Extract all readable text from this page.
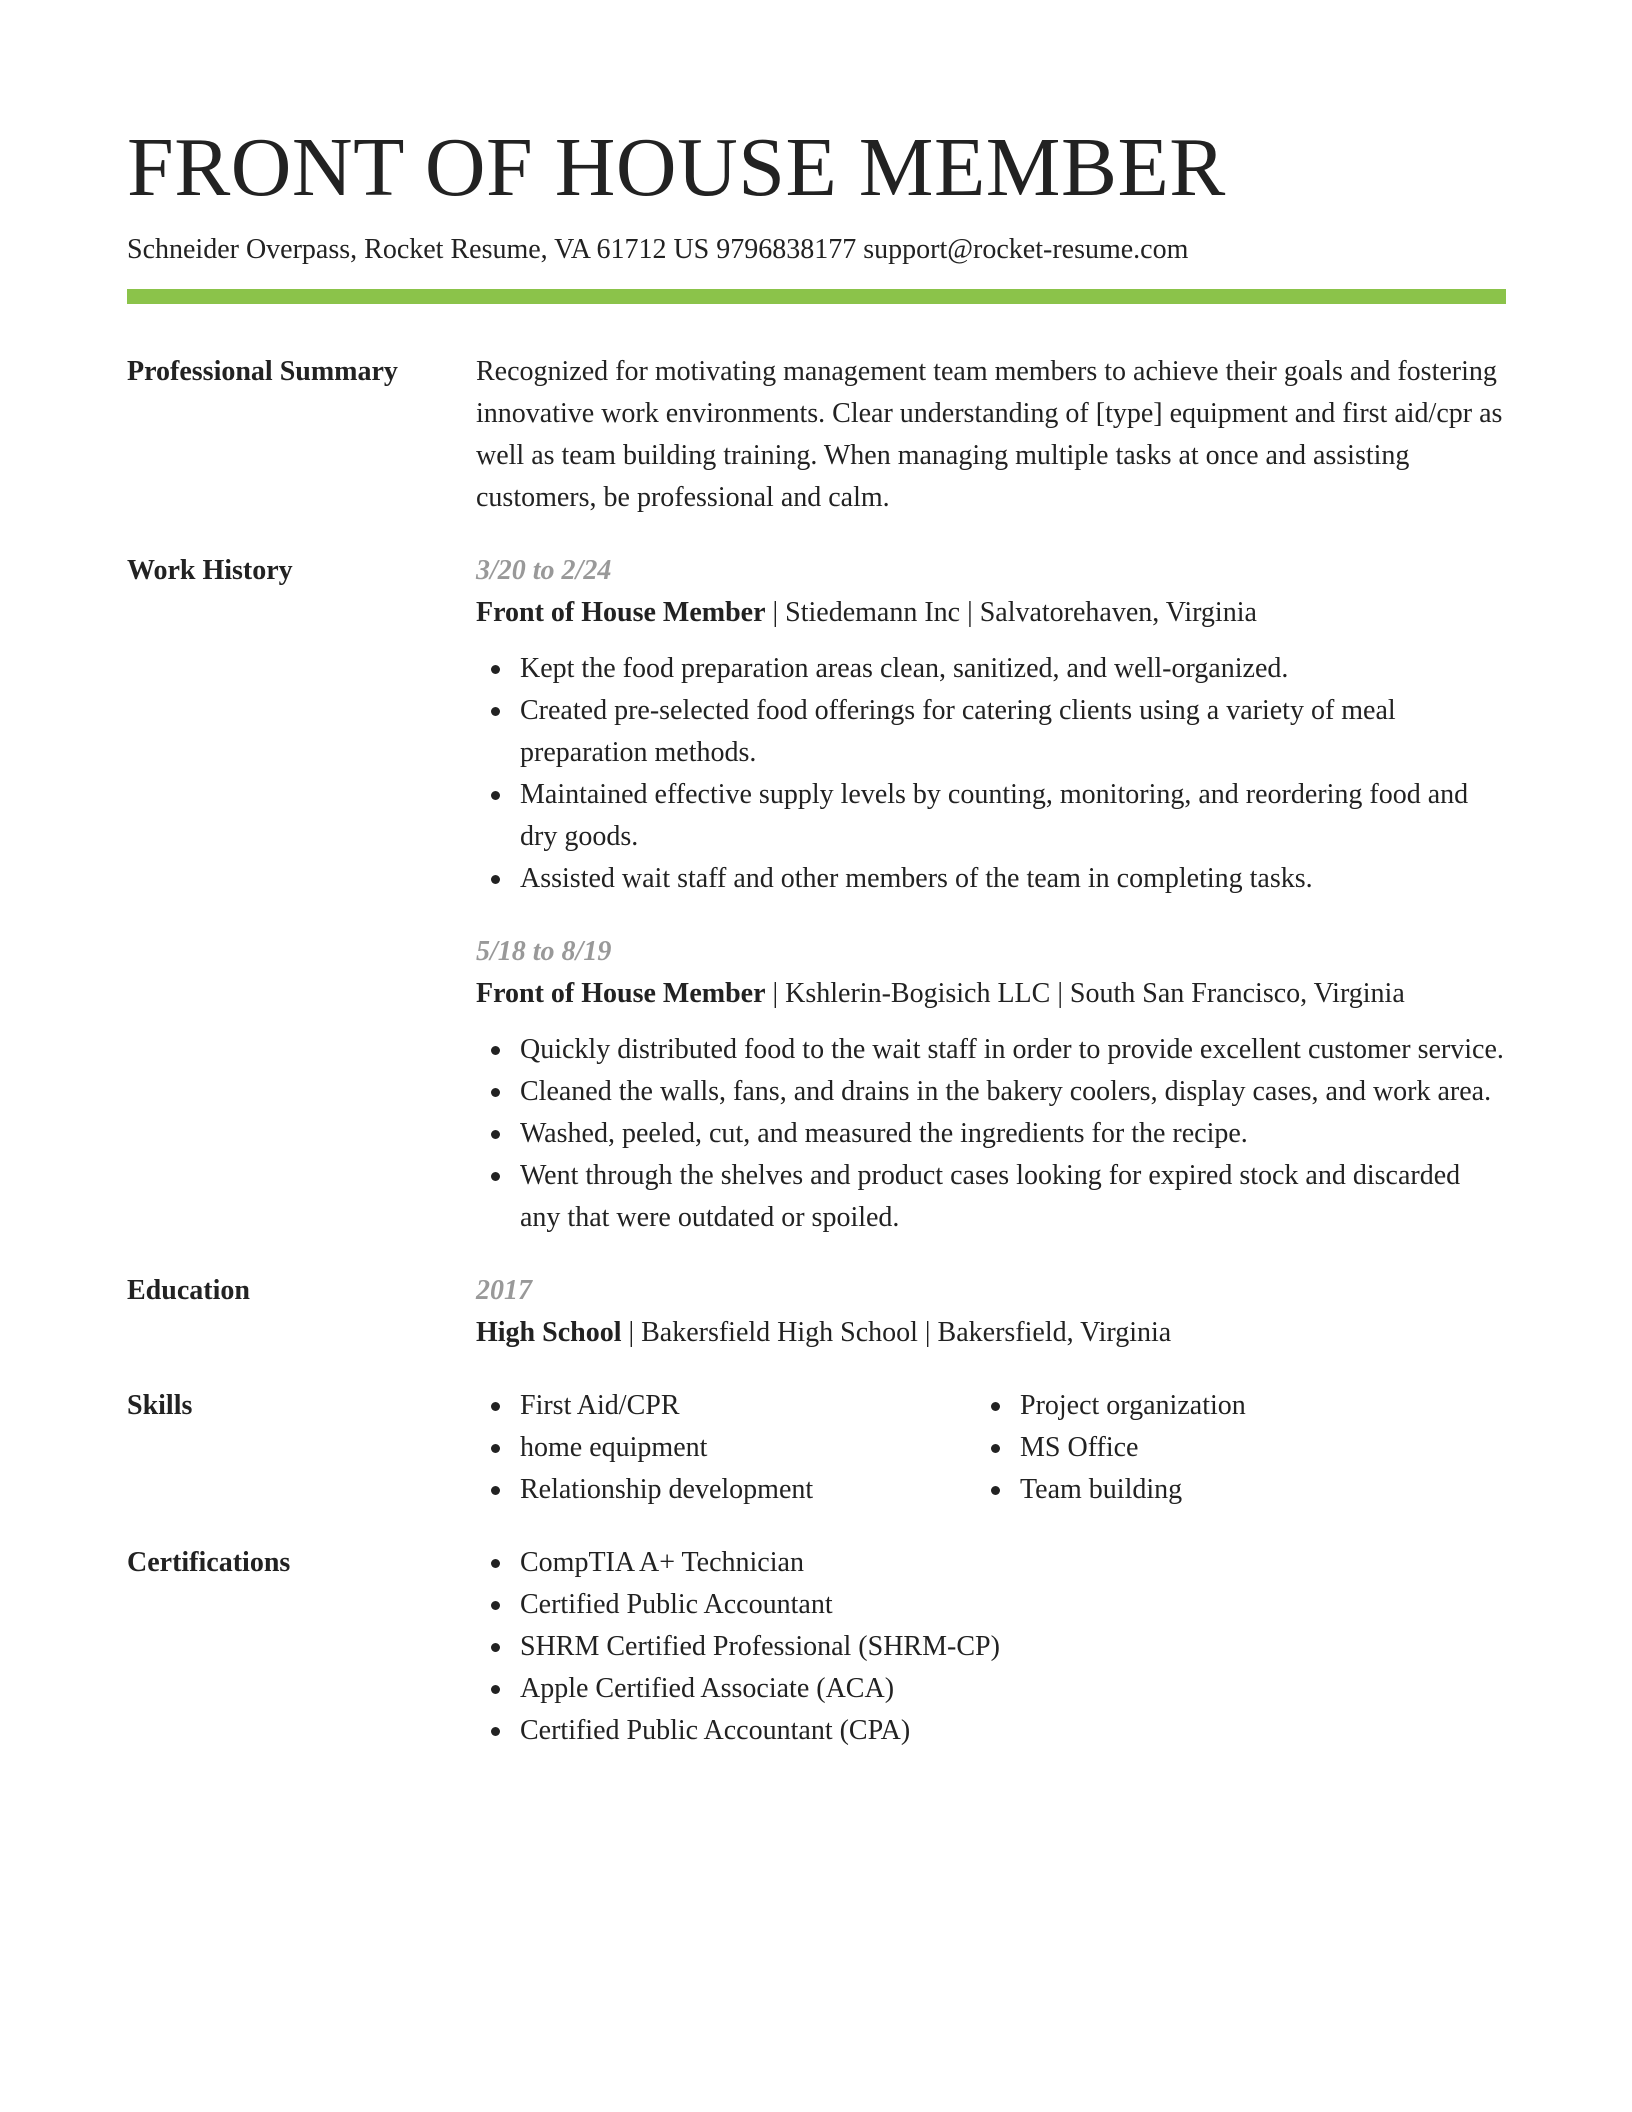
FRONT OF HOUSE MEMBER
Schneider Overpass, Rocket Resume, VA 61712 US 9796838177 support@rocket-resume.com
Professional Summary	Recognized for motivating management team members to achieve their goals and fostering innovative work environments. Clear understanding of [type] equipment and first aid/cpr as well as team building training. When managing multiple tasks at once and assisting customers, be professional and calm.
Work History	3/20 to 2/24
Front of House Member | Stiedemann Inc | Salvatorehaven, Virginia
Kept the food preparation areas clean, sanitized, and well-organized.
Created pre-selected food offerings for catering clients using a variety of meal preparation methods.
Maintained effective supply levels by counting, monitoring, and reordering food and dry goods.
Assisted wait staff and other members of the team in completing tasks.
5/18 to 8/19
Front of House Member | Kshlerin-Bogisich LLC | South San Francisco, Virginia
Quickly distributed food to the wait staff in order to provide excellent customer service.
Cleaned the walls, fans, and drains in the bakery coolers, display cases, and work area.
Washed, peeled, cut, and measured the ingredients for the recipe.
Went through the shelves and product cases looking for expired stock and discarded any that were outdated or spoiled.
Education	2017
High School | Bakersfield High School | Bakersfield, Virginia
Skills	First Aid/CPR
home equipment
Relationship development
Project organization
MS Office
Team building
Certifications	CompTIA A+ Technician
Certified Public Accountant
SHRM Certified Professional (SHRM-CP)
Apple Certified Associate (ACA)
Certified Public Accountant (CPA)
